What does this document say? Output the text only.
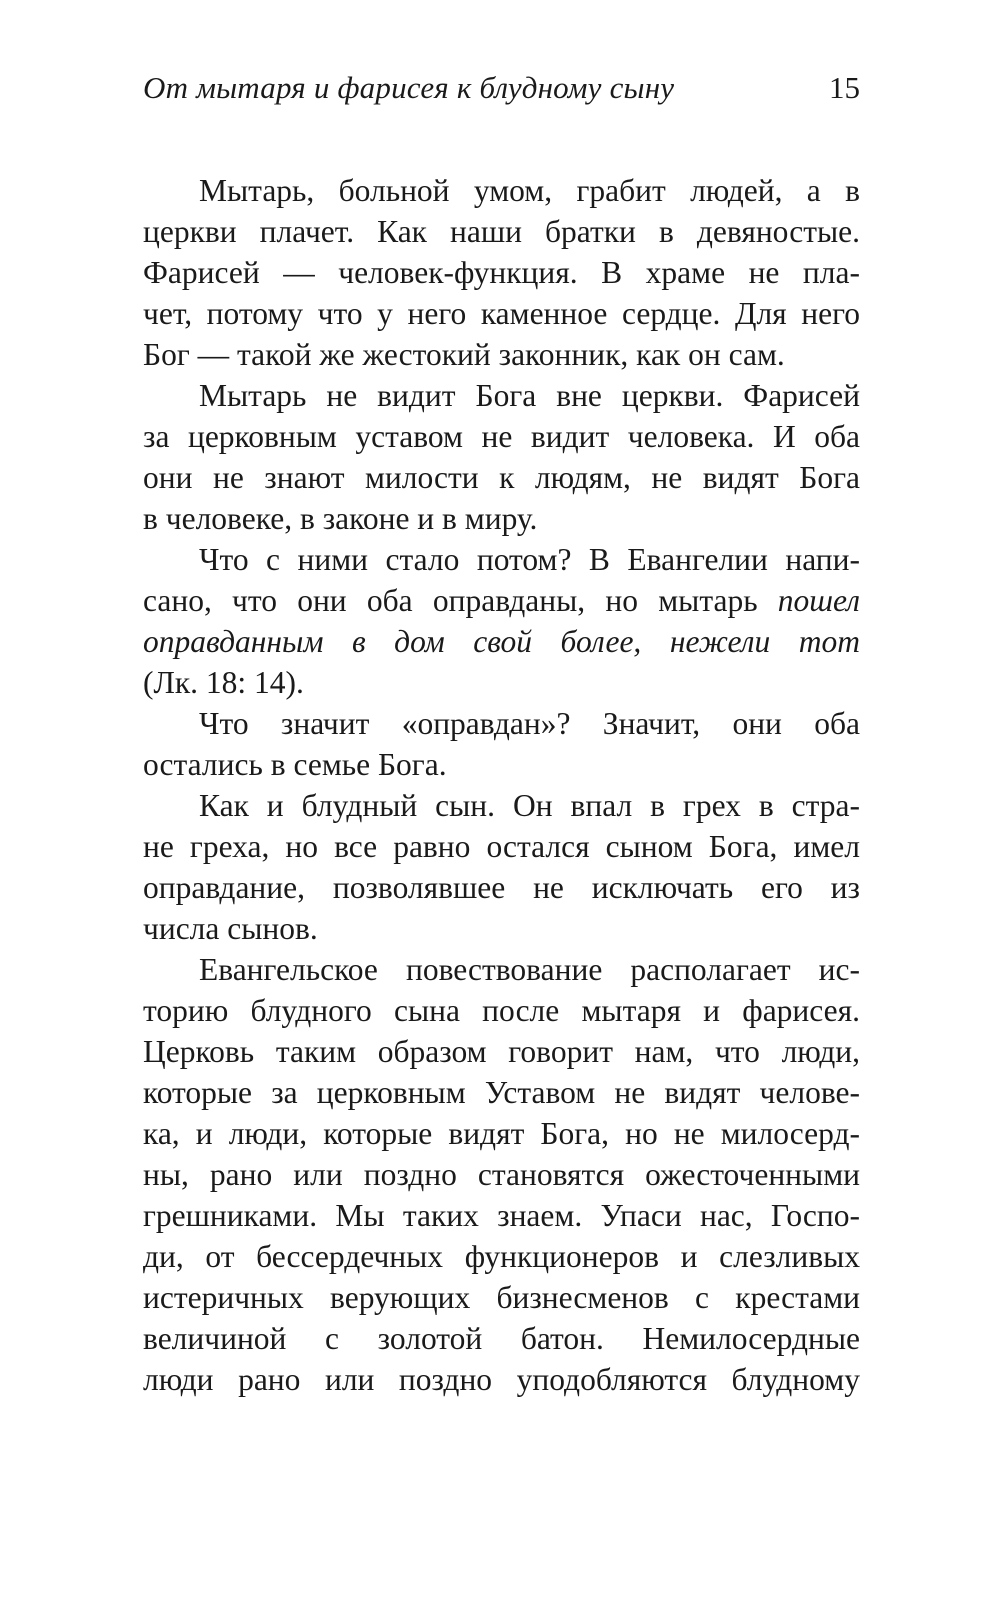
От мытаря и фарисея к блудному сыну	15
Мытарь, больной умом, грабит людей, а в
церкви плачет. Как наши братки в девяностые.
Фарисей — человек-функция. В храме не пла-
чет, потому что у него каменное сердце. Для него
Бог — такой же жестокий законник, как он сам.
Мытарь не видит Бога вне церкви. Фарисей
за церковным уставом не видит человека. И оба
они не знают милости к людям, не видят Бога
в человеке, в законе и в миру.
Что с ними стало потом? В Евангелии напи-
сано, что они оба оправданы, но мытарь пошел
оправданным в дом свой более, нежели тот
(Лк. 18: 14).
Что значит «оправдан»? Значит, они оба
остались в семье Бога.
Как и блудный сын. Он впал в грех в стра-
не греха, но все равно остался сыном Бога, имел
оправдание, позволявшее не исключать его из
числа сынов.
Евангельское повествование располагает ис-
торию блудного сына после мытаря и фарисея.
Церковь таким образом говорит нам, что люди,
которые за церковным Уставом не видят челове-
ка, и люди, которые видят Бога, но не милосерд-
ны, рано или поздно становятся ожесточенными
грешниками. Мы таких знаем. Упаси нас, Госпо-
ди, от бессердечных функционеров и слезливых
истеричных верующих бизнесменов с крестами
величиной с золотой батон. Немилосердные
люди рано или поздно уподобляются блудному
